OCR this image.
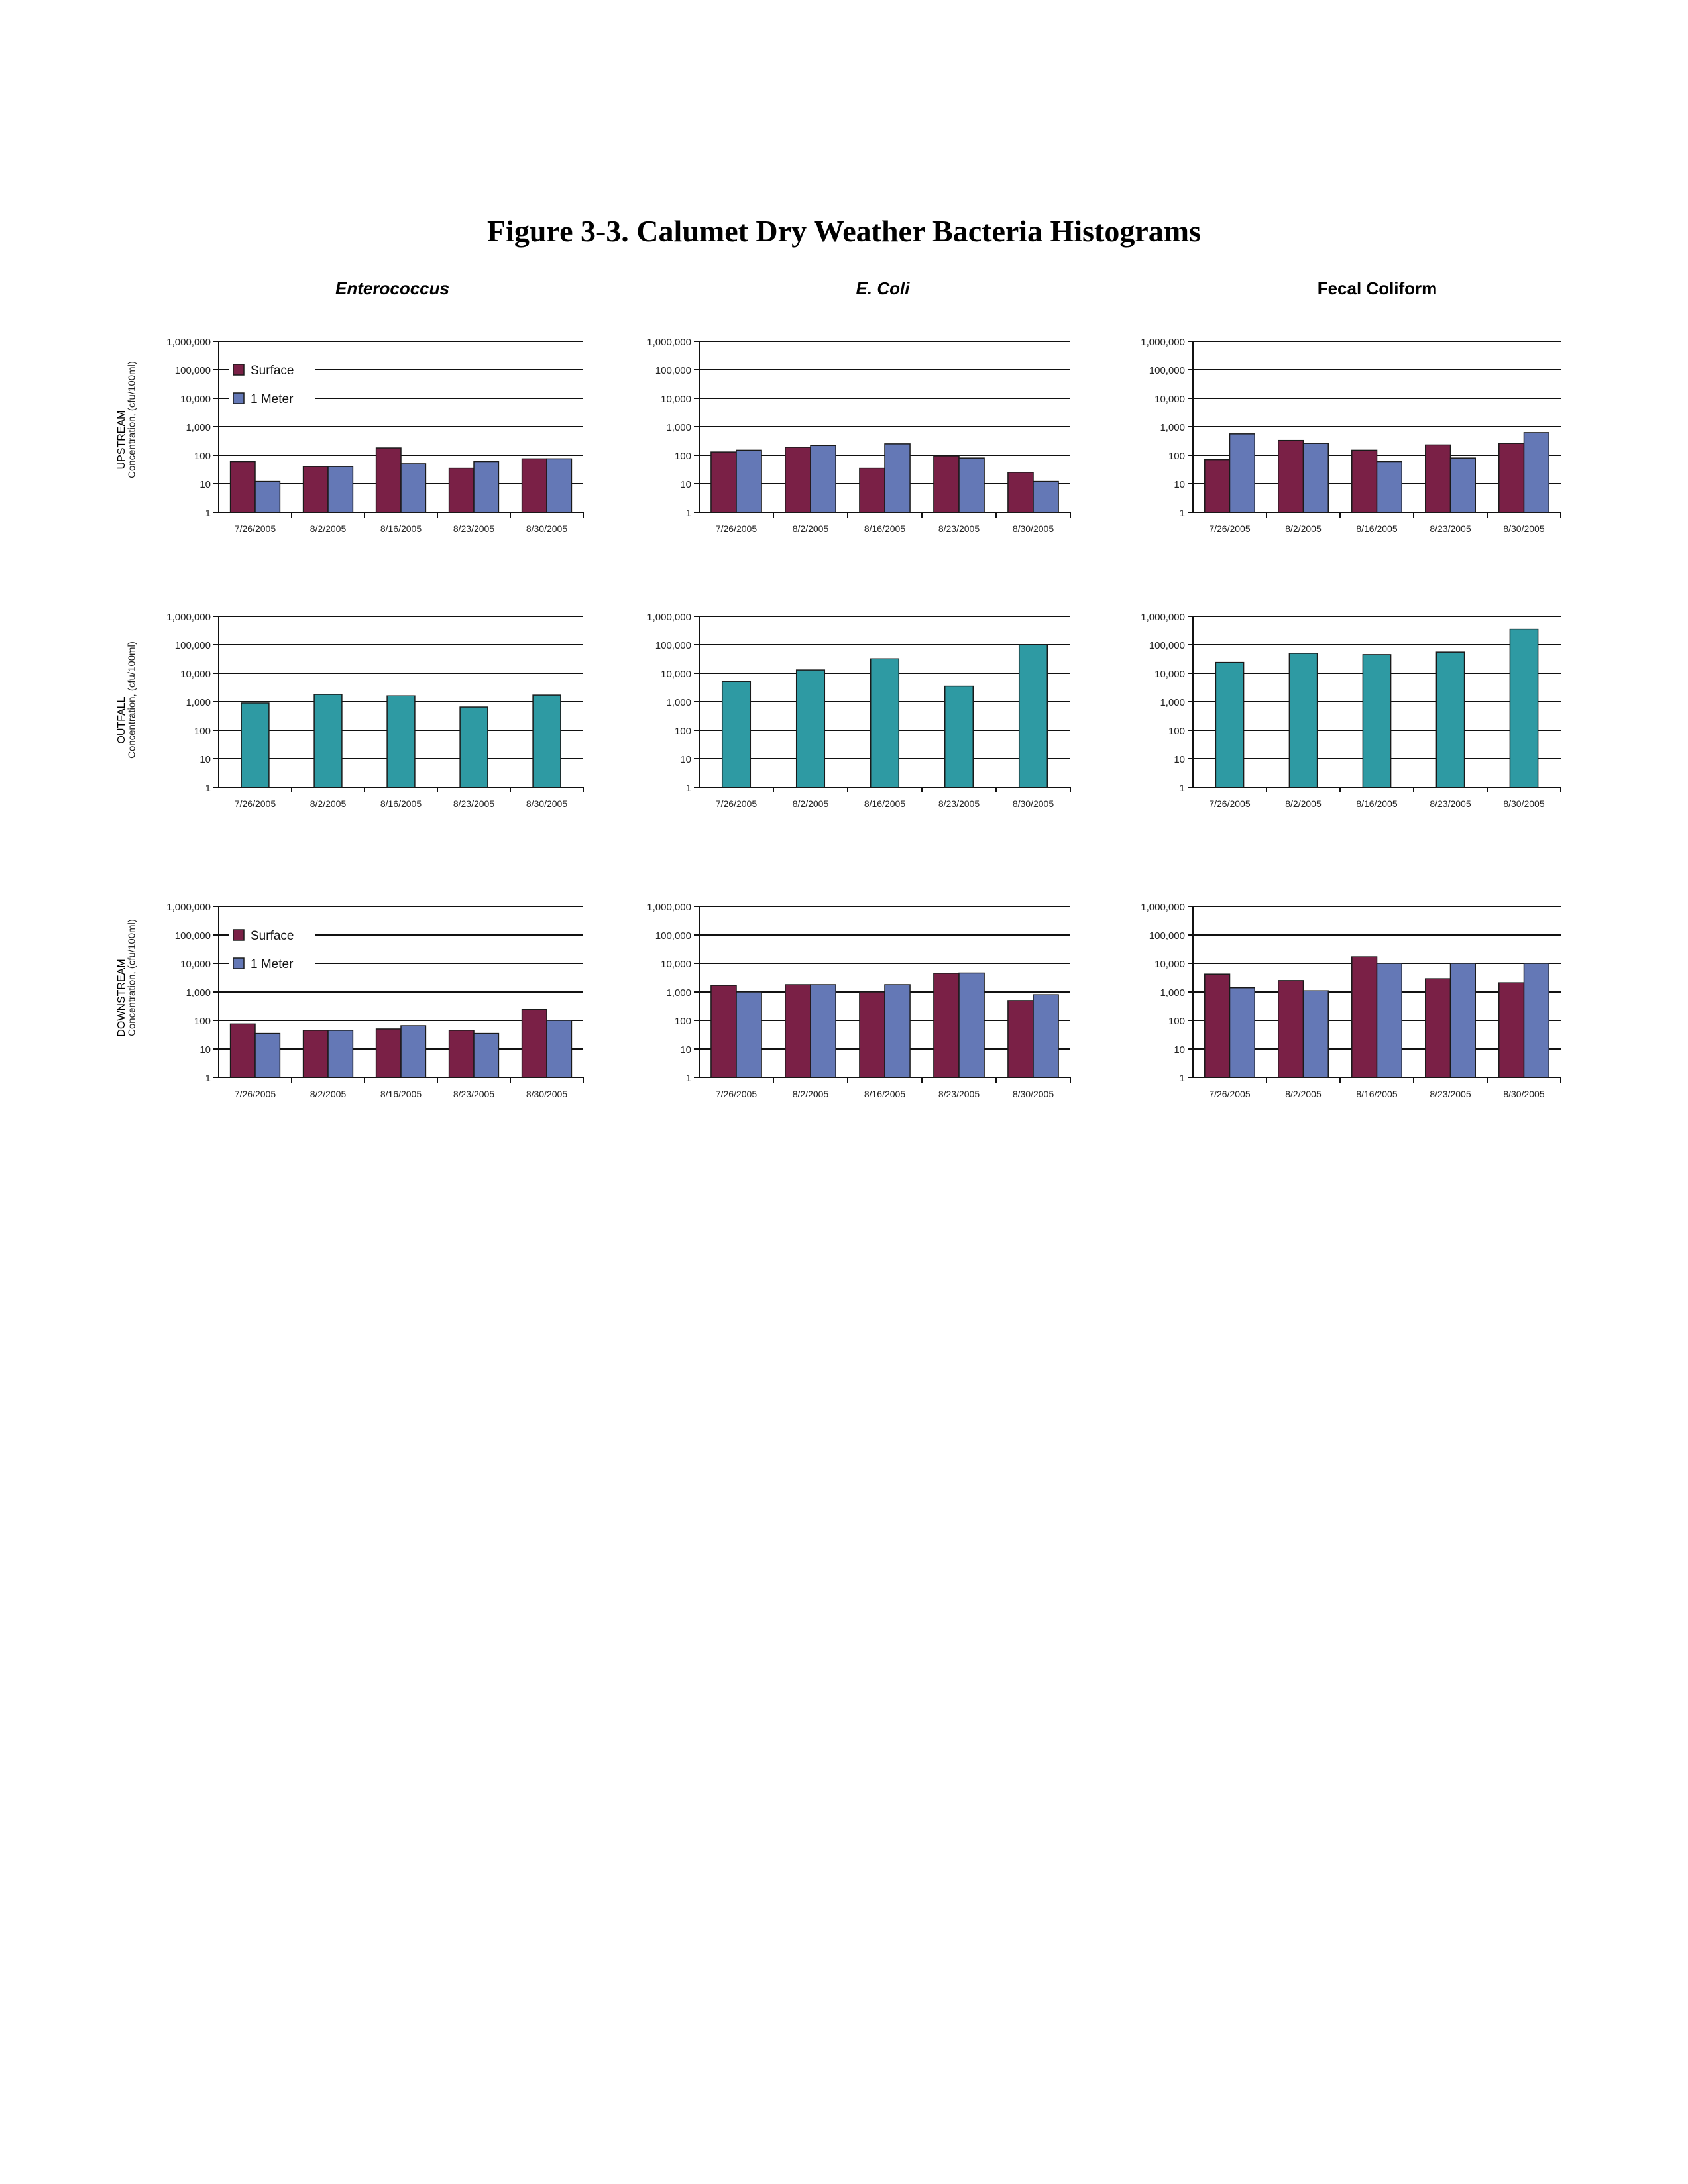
Figure 3-3. Calumet Dry Weather Bacteria Histograms
Enterococcus	E. Coli	Fecal Coliform
UPSTREAM
OUTFALL
DOWNSTREAM
Concentration, (cfu/100ml)
Concentration, (cfu/100ml)
Concentration, (cfu/100ml)
1
10
100
1,000
10,000
100,000
1,000,000
7/26/2005	8/2/2005	8/16/2005	8/23/2005	8/30/2005
Surface
1 Meter
1
10
100
1,000
10,000
100,000
1,000,000
7/26/2005	8/2/2005	8/16/2005	8/23/2005	8/30/2005
1
10
100
1,000
10,000
100,000
1,000,000
7/26/2005	8/2/2005	8/16/2005	8/23/2005	8/30/2005
1
10
100
1,000
10,000
100,000
1,000,000
7/26/2005	8/2/2005	8/16/2005	8/23/2005	8/30/2005
1
10
100
1,000
10,000
100,000
1,000,000
7/26/2005	8/2/2005	8/16/2005	8/23/2005	8/30/2005
1
10
100
1,000
10,000
100,000
1,000,000
7/26/2005	8/2/2005	8/16/2005	8/23/2005	8/30/2005
1
10
100
1,000
10,000
100,000
1,000,000
7/26/2005	8/2/2005	8/16/2005	8/23/2005	8/30/2005
Surface
1 Meter
1
10
100
1,000
10,000
100,000
1,000,000
7/26/2005	8/2/2005	8/16/2005	8/23/2005	8/30/2005
1
10
100
1,000
10,000
100,000
1,000,000
7/26/2005	8/2/2005	8/16/2005	8/23/2005	8/30/2005
